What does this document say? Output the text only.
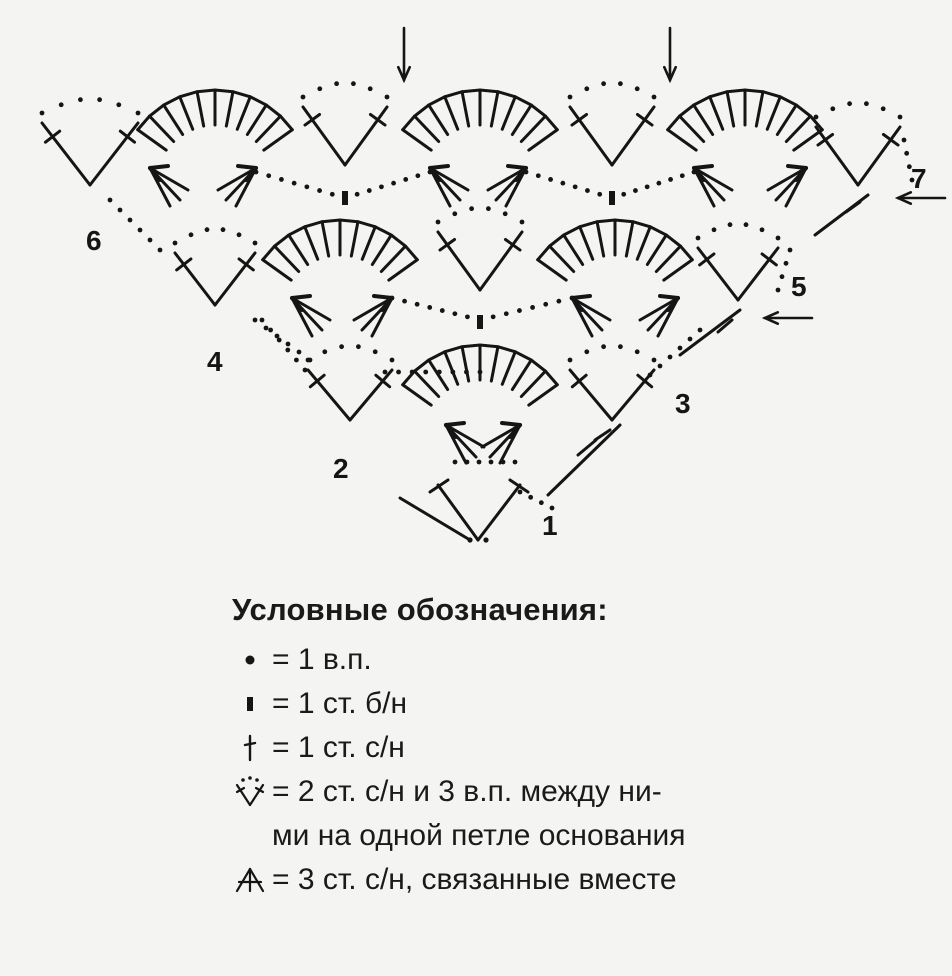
1
2
3
4
5
6
7
Условные обозначения:
= 1 в.п.
= 1 ст. б/н
= 1 ст. с/н
= 2 ст. с/н и 3 в.п. между ни-
ми на одной петле основания
= 3 ст. с/н, связанные вместе
